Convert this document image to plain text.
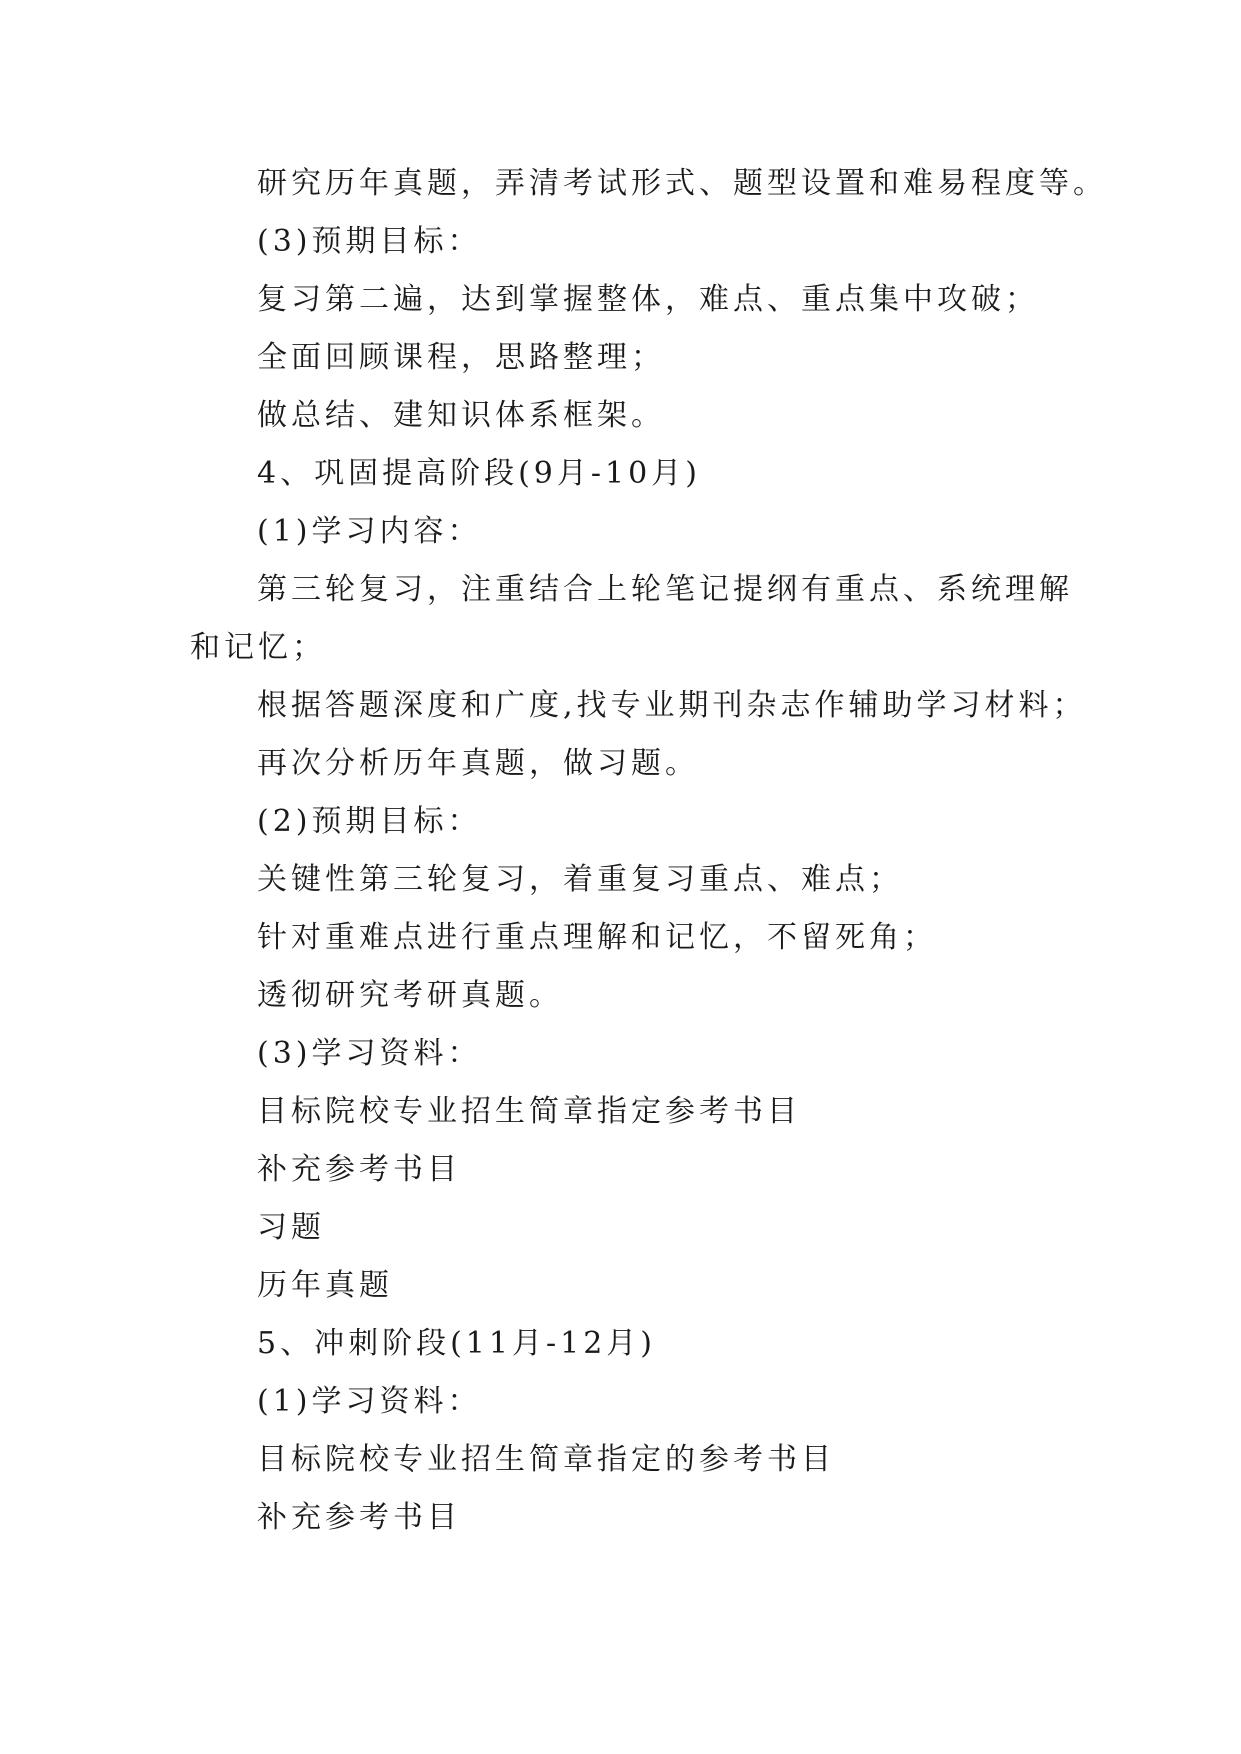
研究历年真题，弄清考试形式、题型设置和难易程度等。
(3)预期目标：
复习第二遍，达到掌握整体，难点、重点集中攻破；
全面回顾课程，思路整理；
做总结、建知识体系框架。
4、巩固提高阶段(9月-10月)
(1)学习内容：
第三轮复习，注重结合上轮笔记提纲有重点、系统理解
和记忆；
根据答题深度和广度,找专业期刊杂志作辅助学习材料；
再次分析历年真题，做习题。
(2)预期目标：
关键性第三轮复习，着重复习重点、难点；
针对重难点进行重点理解和记忆，不留死角；
透彻研究考研真题。
(3)学习资料：
目标院校专业招生简章指定参考书目
补充参考书目
习题
历年真题
5、冲刺阶段(11月-12月)
(1)学习资料：
目标院校专业招生简章指定的参考书目
补充参考书目
